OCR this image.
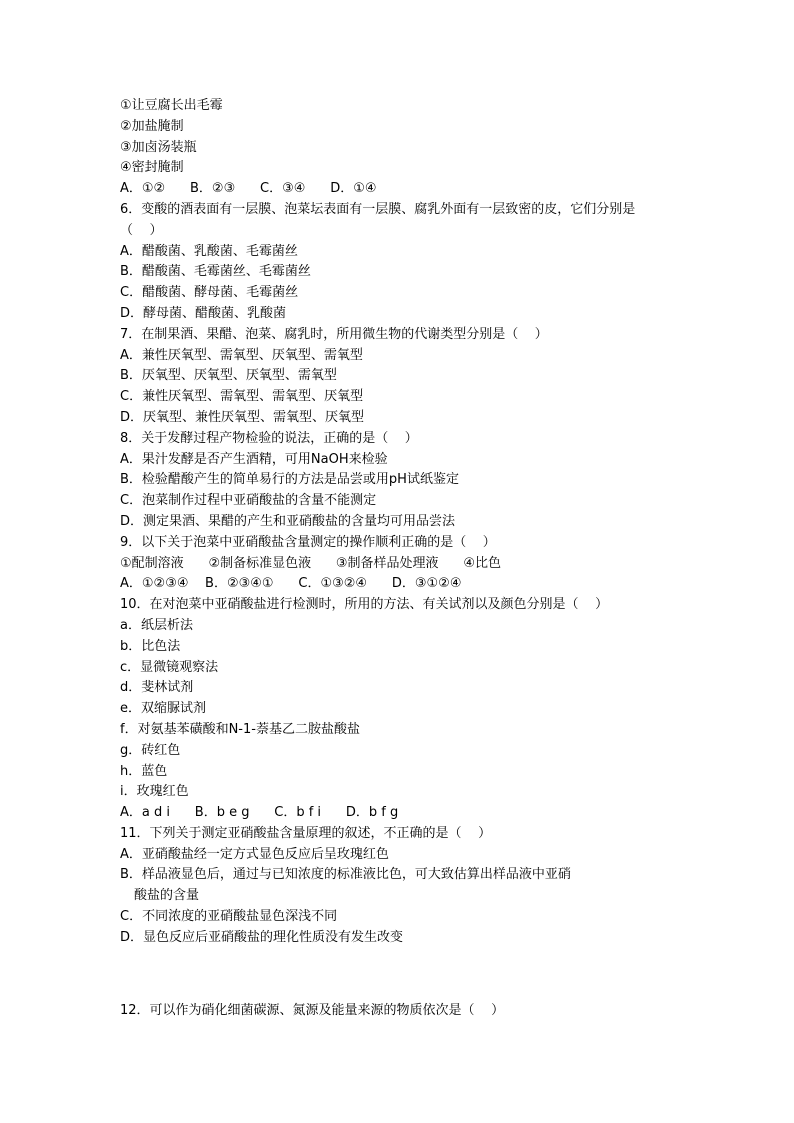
①让豆腐长出毛霉
②加盐腌制
③加卤汤装瓶
④密封腌制
A．①②      B．②③      C．③④      D．①④
6．变酸的酒表面有一层膜、泡菜坛表面有一层膜、腐乳外面有一层致密的皮，它们分别是
（    ）
A．醋酸菌、乳酸菌、毛霉菌丝
B．醋酸菌、毛霉菌丝、毛霉菌丝
C．醋酸菌、酵母菌、毛霉菌丝
D．酵母菌、醋酸菌、乳酸菌
7．在制果酒、果醋、泡菜、腐乳时，所用微生物的代谢类型分别是（    ）
A．兼性厌氧型、需氧型、厌氧型、需氧型
B．厌氧型、厌氧型、厌氧型、需氧型
C．兼性厌氧型、需氧型、需氧型、厌氧型
D．厌氧型、兼性厌氧型、需氧型、厌氧型
8．关于发酵过程产物检验的说法，正确的是（    ）
A．果汁发酵是否产生酒精，可用NaOH来检验
B．检验醋酸产生的简单易行的方法是品尝或用pH试纸鉴定
C．泡菜制作过程中亚硝酸盐的含量不能测定
D．测定果酒、果醋的产生和亚硝酸盐的含量均可用品尝法
9．以下关于泡菜中亚硝酸盐含量测定的操作顺利正确的是（    ）
①配制溶液      ②制备标准显色液      ③制备样品处理液      ④比色
A．①②③④    B．②③④①      C．①③②④      D．③①②④
10．在对泡菜中亚硝酸盐进行检测时，所用的方法、有关试剂以及颜色分别是（    ）
a．纸层析法
b．比色法
c．显微镜观察法
d．斐林试剂
e．双缩脲试剂
f．对氨基苯磺酸和N-1-萘基乙二胺盐酸盐
g．砖红色
h．蓝色
i．玫瑰红色
A．a d i      B．b e g      C．b f i      D．b f g
11．下列关于测定亚硝酸盐含量原理的叙述，不正确的是（    ）
A．亚硝酸盐经一定方式显色反应后呈玫瑰红色
B．样品液显色后，通过与已知浓度的标准液比色，可大致估算出样品液中亚硝
酸盐的含量
C．不同浓度的亚硝酸盐显色深浅不同
D．显色反应后亚硝酸盐的理化性质没有发生改变
12．可以作为硝化细菌碳源、氮源及能量来源的物质依次是（    ）
